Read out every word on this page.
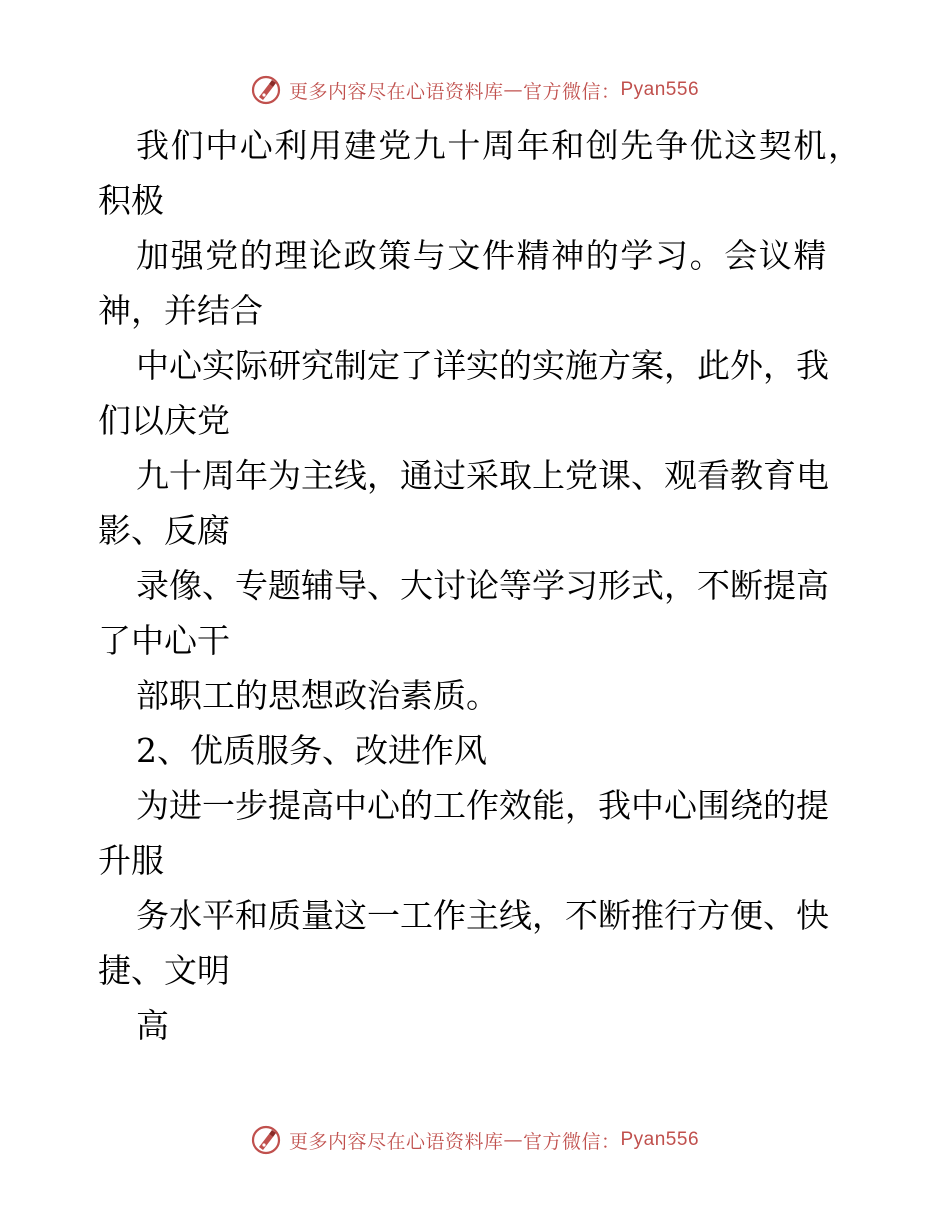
更多内容尽在心语资料库 — 官方微信： Pyan556
我们中心利用建党九十周年和创先争优这契机，
积极
加强党的理论政策与文件精神的学习。会议精
神，并结合
中心实际研究制定了详实的实施方案，此外，我
们以庆党
九十周年为主线，通过采取上党课、观看教育电
影、反腐
录像、专题辅导、大讨论等学习形式，不断提高
了中心干
部职工的思想政治素质。
2、优质服务、改进作风
为进一步提高中心的工作效能，我中心围绕的提
升服
务水平和质量这一工作主线，不断推行方便、快
捷、文明
高
更多内容尽在心语资料库 — 官方微信： Pyan556
